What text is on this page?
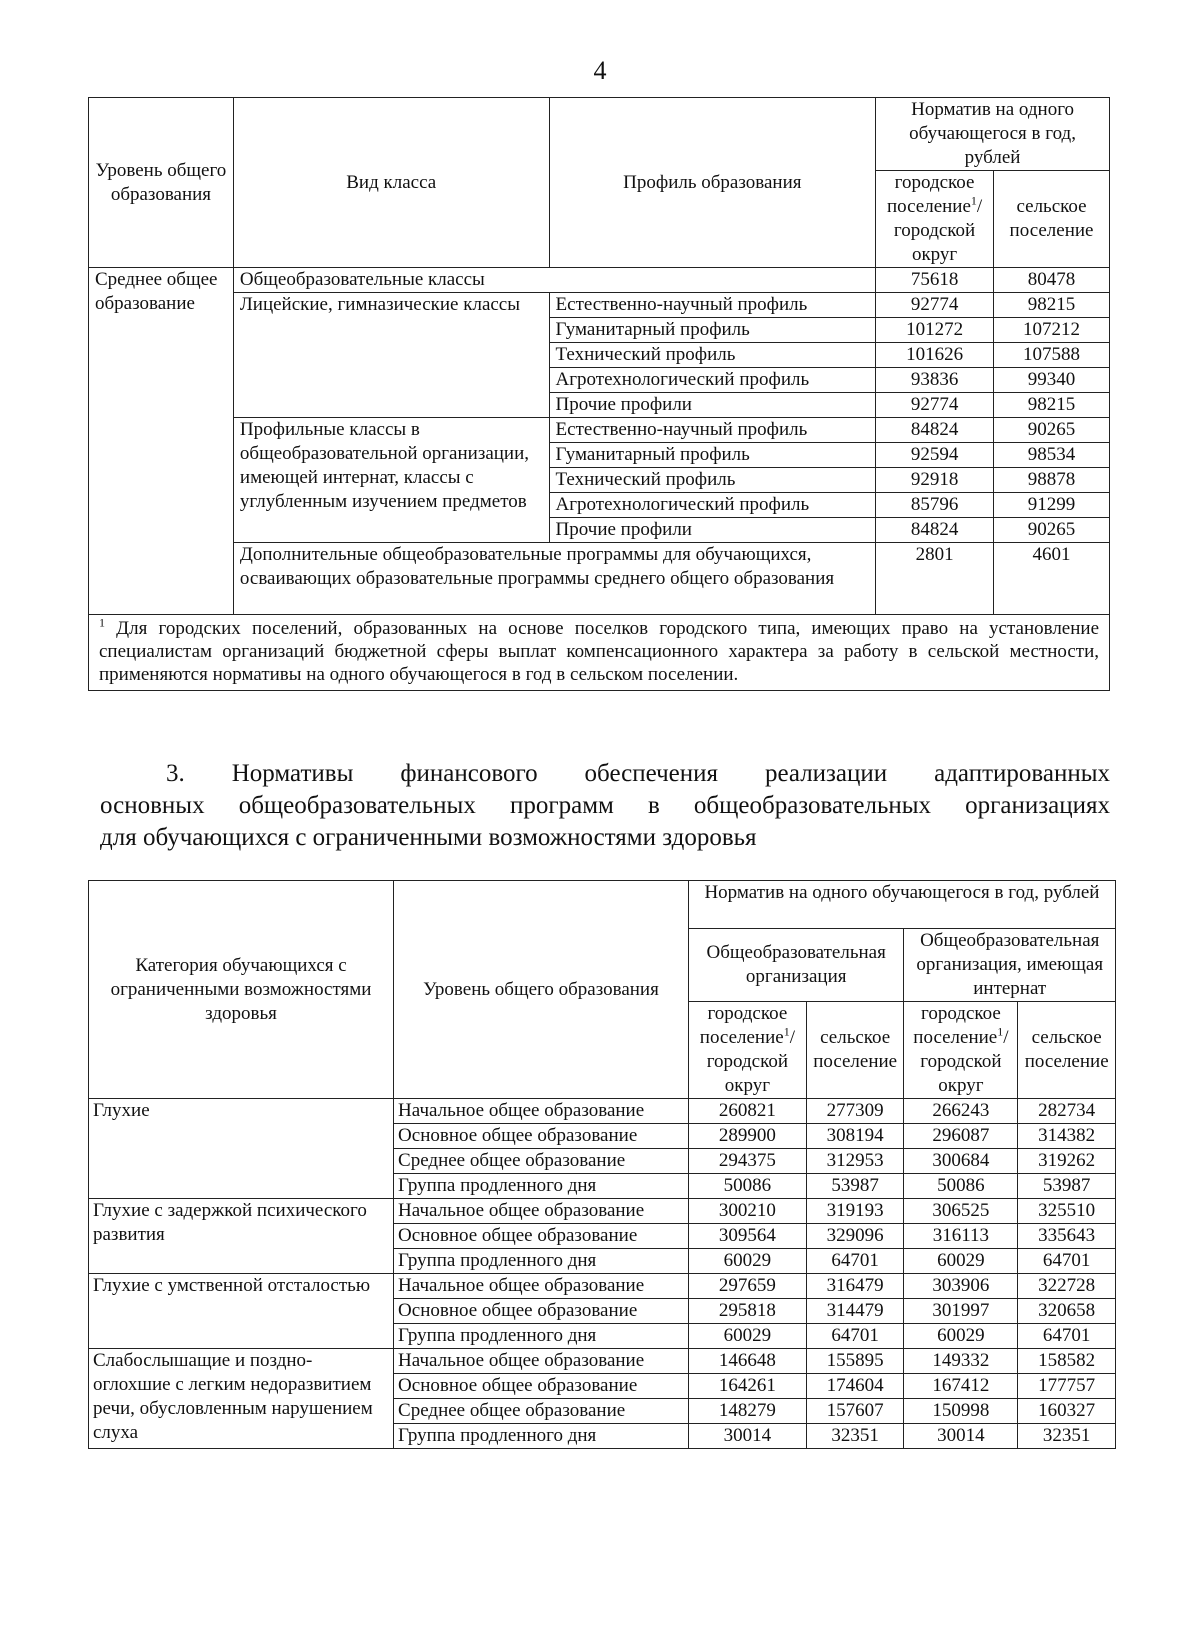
4
Уровень общего образования	Вид класса	Профиль образования	Норматив на одного обучающегося в год, рублей	
			городское поселение$^1$/ городской округ	сельское поселение
Среднее общее образование	Общеобразовательные классы		75618	80478
	Лицейские, гимназические классы	Естественно-научный профиль	92774	98215
		Гуманитарный профиль	101272	107212
		Технический профиль	101626	107588
		Агротехнологический профиль	93836	99340
		Прочие профили	92774	98215
	Профильные классы в общеобразовательной организации, имеющей интернат, классы с углубленным изучением предметов	Естественно-научный профиль	84824	90265
		Гуманитарный профиль	92594	98534
		Технический профиль	92918	98878
		Агротехнологический профиль	85796	91299
		Прочие профили	84824	90265
	Дополнительные общеобразовательные программы для обучающихся, осваивающих образовательные программы среднего общего образования		2801	4601
$^1$ Для городских поселений, образованных на основе поселков городского типа, имеющих право на установление специалистам организаций бюджетной сферы выплат компенсационного характера за работу в сельской местности, применяются нормативы на одного обучающегося в год в сельском поселении.				
3. Нормативы финансового обеспечения реализации адаптированных
основных общеобразовательных программ в общеобразовательных организациях
для обучающихся с ограниченными возможностями здоровья
Категория обучающихся с ограниченными возможностями здоровья	Уровень общего образования	Норматив на одного обучающегося в год, рублей			
		Общеобразовательная организация		Общеобразовательная организация, имеющая интернат	
		городское поселение$^1$/ городской округ	сельское поселение	городское поселение$^1$/ городской округ	сельское поселение
Глухие	Начальное общее образование	260821	277309	266243	282734
	Основное общее образование	289900	308194	296087	314382
	Среднее общее образование	294375	312953	300684	319262
	Группа продленного дня	50086	53987	50086	53987
Глухие с задержкой психического развития	Начальное общее образование	300210	319193	306525	325510
	Основное общее образование	309564	329096	316113	335643
	Группа продленного дня	60029	64701	60029	64701
Глухие с умственной отсталостью	Начальное общее образование	297659	316479	303906	322728
	Основное общее образование	295818	314479	301997	320658
	Группа продленного дня	60029	64701	60029	64701
Слабослышащие и поздно-оглохшие с легким недоразвитием речи, обусловленным нарушением слуха	Начальное общее образование	146648	155895	149332	158582
	Основное общее образование	164261	174604	167412	177757
	Среднее общее образование	148279	157607	150998	160327
	Группа продленного дня	30014	32351	30014	32351
